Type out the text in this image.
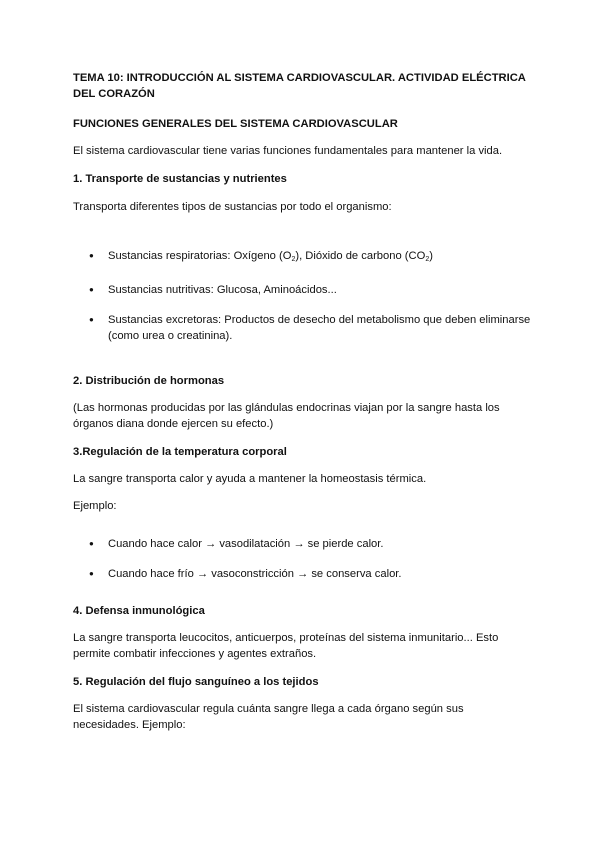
TEMA 10: INTRODUCCIÓN AL SISTEMA CARDIOVASCULAR. ACTIVIDAD ELÉCTRICA DEL CORAZÓN

FUNCIONES GENERALES DEL SISTEMA CARDIOVASCULAR

El sistema cardiovascular tiene varias funciones fundamentales para mantener la vida.

1. Transporte de sustancias y nutrientes

Transporta diferentes tipos de sustancias por todo el organismo:

● Sustancias respiratorias: Oxígeno $(O_2)$, Dióxido de carbono $(CO_2)$
● Sustancias nutritivas: Glucosa, Aminoácidos...
● Sustancias excretoras: Productos de desecho del metabolismo que deben eliminarse (como urea o creatinina).

2. Distribución de hormonas

(Las hormonas producidas por las glándulas endocrinas viajan por la sangre hasta los órganos diana donde ejercen su efecto.)

3.Regulación de la temperatura corporal

La sangre transporta calor y ayuda a mantener la homeostasis térmica.

Ejemplo:

● Cuando hace calor → vasodilatación → se pierde calor.
● Cuando hace frío → vasoconstricción → se conserva calor.

4. Defensa inmunológica

La sangre transporta leucocitos, anticuerpos, proteínas del sistema inmunitario... Esto permite combatir infecciones y agentes extraños.

5. Regulación del flujo sanguíneo a los tejidos

El sistema cardiovascular regula cuánta sangre llega a cada órgano según sus necesidades. Ejemplo:
